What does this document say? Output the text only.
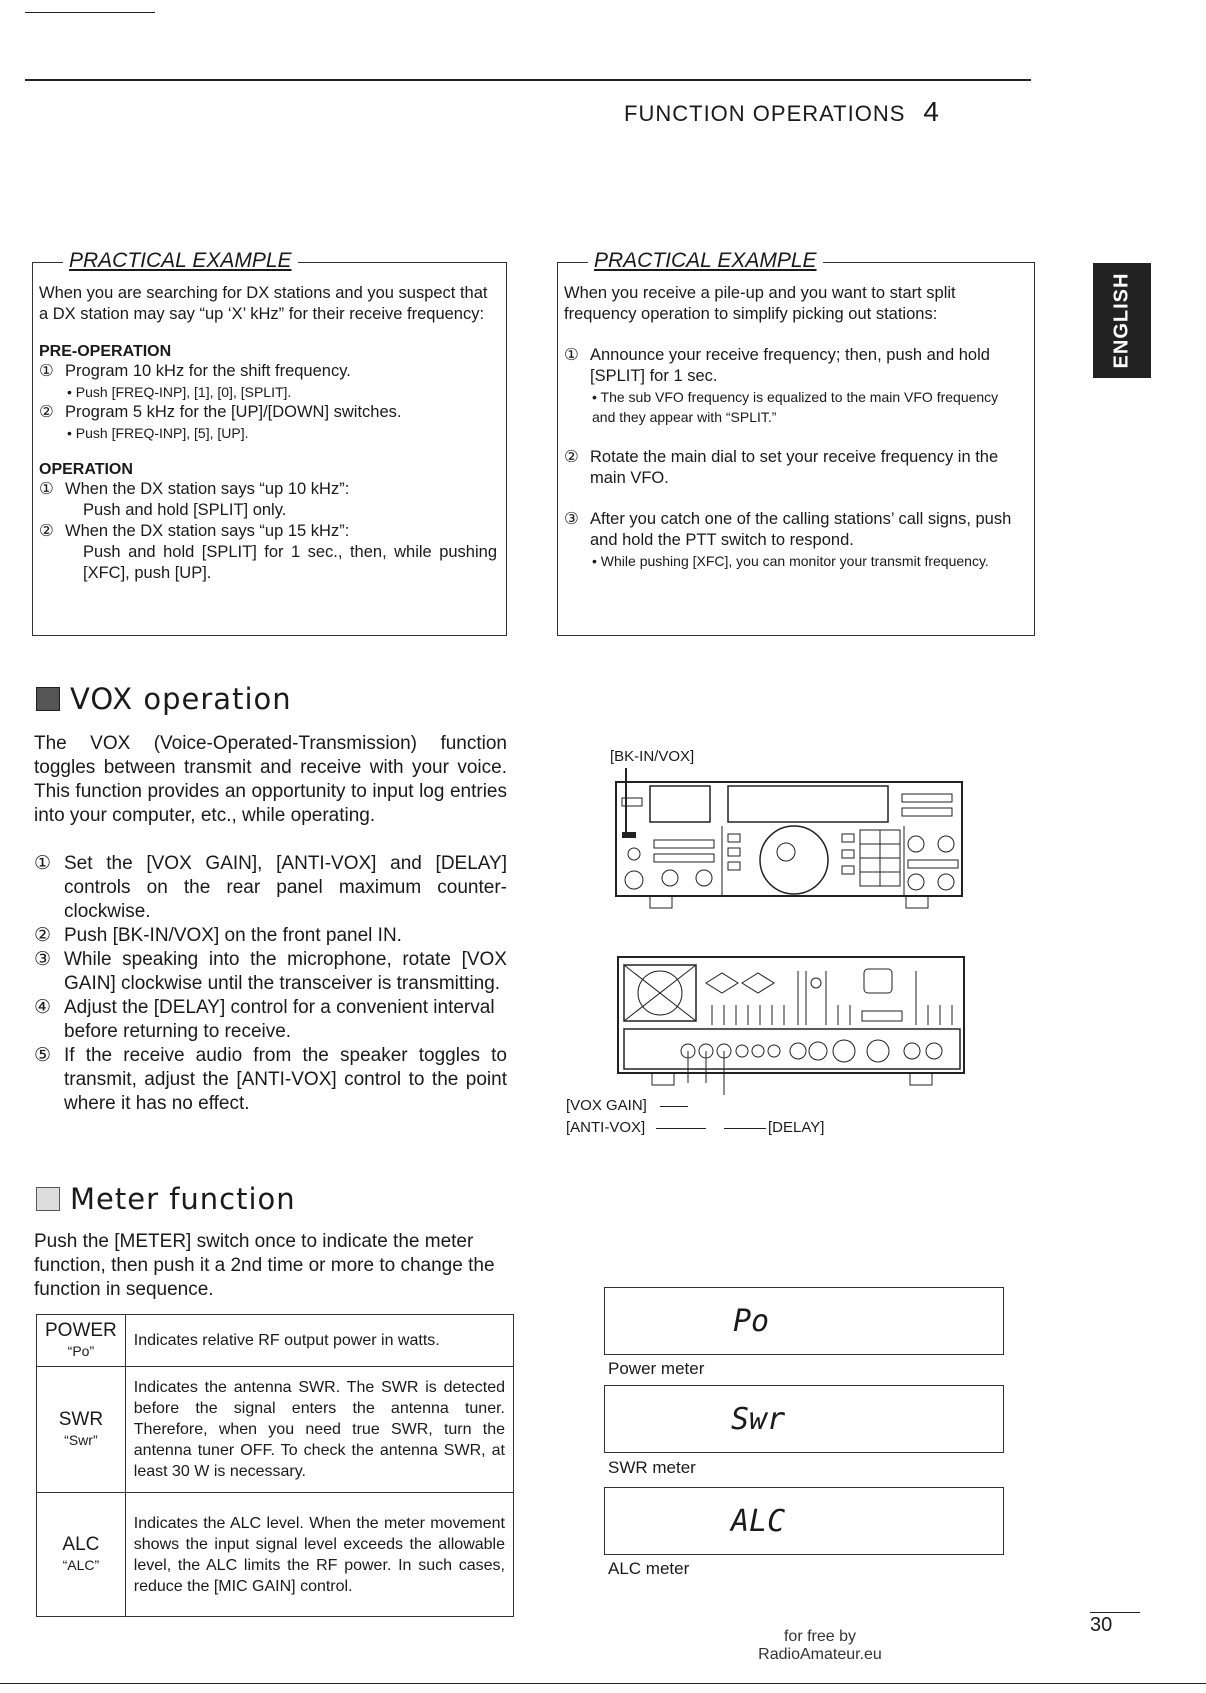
FUNCTION OPERATIONS 4
ENGLISH
PRACTICAL EXAMPLE

When you are searching for DX stations and you suspect that a DX station may say “up ‘X’ kHz” for their receive frequency:

PRE-OPERATION
① Program 10 kHz for the shift frequency.
• Push [FREQ-INP], [1], [0], [SPLIT].
② Program 5 kHz for the [UP]/[DOWN] switches.
• Push [FREQ-INP], [5], [UP].
OPERATION
① When the DX station says “up 10 kHz”:
Push and hold [SPLIT] only.
② When the DX station says “up 15 kHz”:
Push and hold [SPLIT] for 1 sec., then, while pushing [XFC], push [UP].
PRACTICAL EXAMPLE

When you receive a pile-up and you want to start split frequency operation to simplify picking out stations:

① Announce your receive frequency; then, push and hold [SPLIT] for 1 sec.
• The sub VFO frequency is equalized to the main VFO frequency and they appear with “SPLIT.”
② Rotate the main dial to set your receive frequency in the main VFO.
③ After you catch one of the calling stations’ call signs, push and hold the PTT switch to respond.
• While pushing [XFC], you can monitor your transmit frequency.
VOX operation
The VOX (Voice-Operated-Transmission) function toggles between transmit and receive with your voice. This function provides an opportunity to input log entries into your computer, etc., while operating.
① Set the [VOX GAIN], [ANTI-VOX] and [DELAY] controls on the rear panel maximum counter-clockwise.
② Push [BK-IN/VOX] on the front panel IN.
③ While speaking into the microphone, rotate [VOX GAIN] clockwise until the transceiver is transmitting.
④ Adjust the [DELAY] control for a convenient interval before returning to receive.
⑤ If the receive audio from the speaker toggles to transmit, adjust the [ANTI-VOX] control to the point where it has no effect.
[BK-IN/VOX]
[VOX GAIN]
[ANTI-VOX]	[DELAY]
Meter function
Push the [METER] switch once to indicate the meter function, then push it a 2nd time or more to change the function in sequence.
POWER
“Po”	Indicates relative RF output power in watts.
SWR
“Swr”	Indicates the antenna SWR. The SWR is detected before the signal enters the antenna tuner. Therefore, when you need true SWR, turn the antenna tuner OFF. To check the antenna SWR, at least 30 W is necessary.
ALC
“ALC”	Indicates the ALC level. When the meter movement shows the input signal level exceeds the allowable level, the ALC limits the RF power. In such cases, reduce the [MIC GAIN] control.
Po
Power meter
Swr
SWR meter
ALC
ALC meter
30
for free by
RadioAmateur.eu
